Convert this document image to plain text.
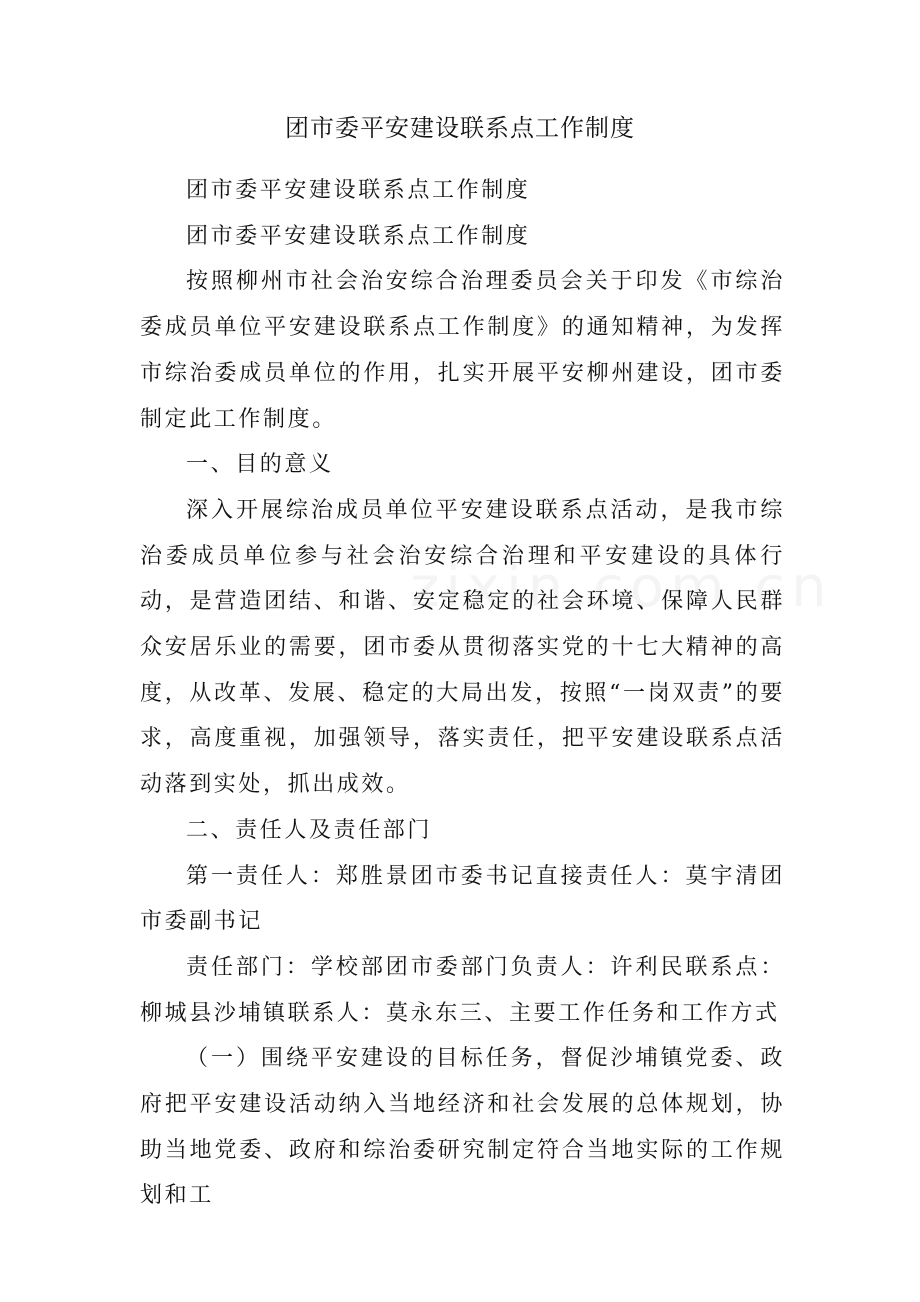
团市委平安建设联系点工作制度

团市委平安建设联系点工作制度

团市委平安建设联系点工作制度

按照柳州市社会治安综合治理委员会关于印发《市综治委成员单位平安建设联系点工作制度》的通知精神，为发挥市综治委成员单位的作用，扎实开展平安柳州建设，团市委制定此工作制度。

一、目的意义

深入开展综治成员单位平安建设联系点活动，是我市综治委成员单位参与社会治安综合治理和平安建设的具体行动，是营造团结、和谐、安定稳定的社会环境、保障人民群众安居乐业的需要，团市委从贯彻落实党的十七大精神的高度，从改革、发展、稳定的大局出发，按照“一岗双责”的要求，高度重视，加强领导，落实责任，把平安建设联系点活动落到实处，抓出成效。

二、责任人及责任部门

第一责任人：郑胜景团市委书记直接责任人：莫宇清团市委副书记

责任部门：学校部团市委部门负责人：许利民联系点：柳城县沙埔镇联系人：莫永东三、主要工作任务和工作方式

（一）围绕平安建设的目标任务，督促沙埔镇党委、政府把平安建设活动纳入当地经济和社会发展的总体规划，协助当地党委、政府和综治委研究制定符合当地实际的工作规划和工
